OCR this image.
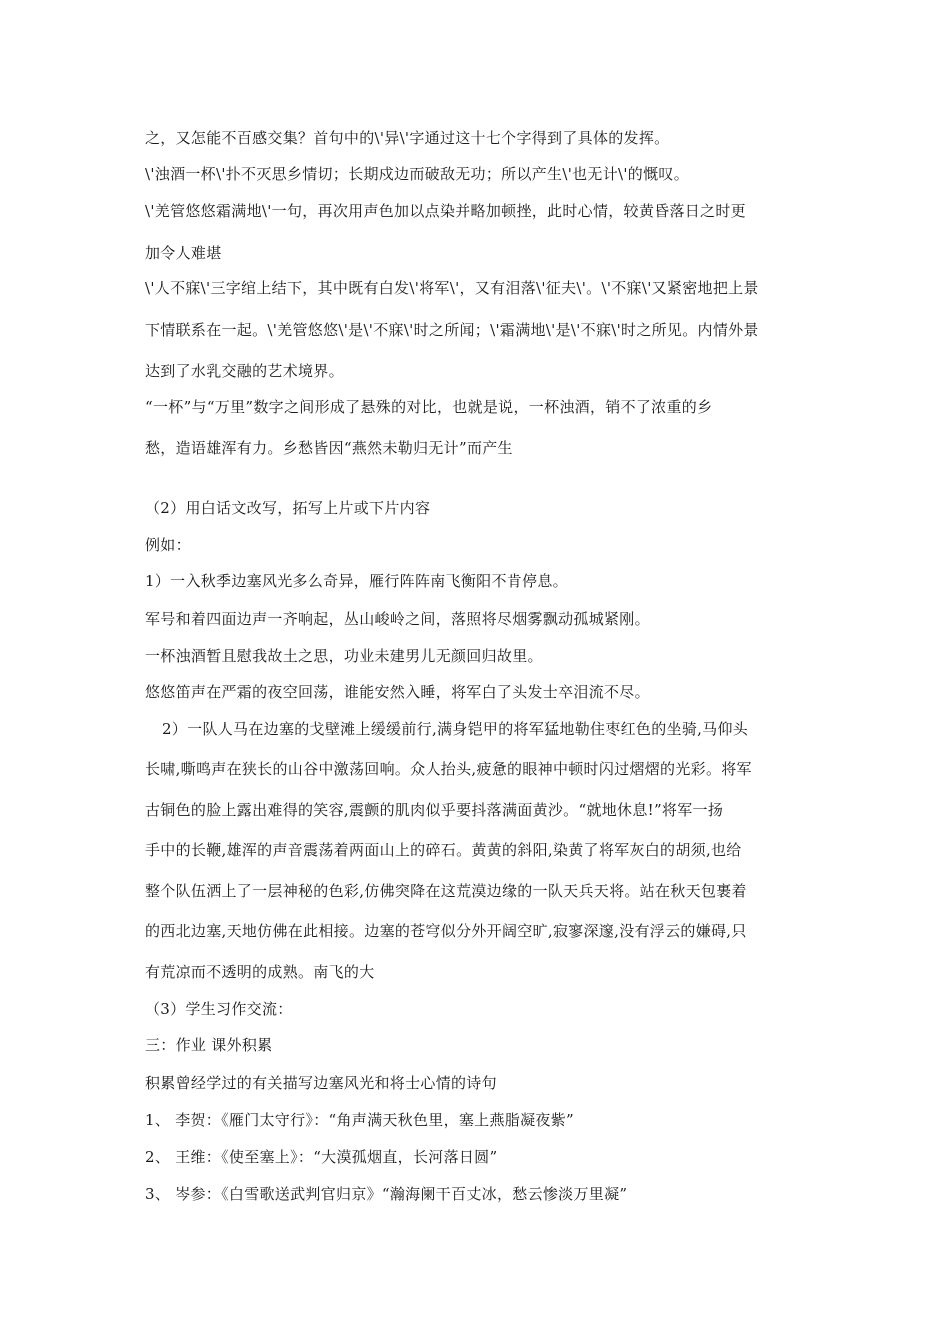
之，又怎能不百感交集？首句中的\'异\'字通过这十七个字得到了具体的发挥。
\'浊酒一杯\'扑不灭思乡情切；长期戍边而破敌无功；所以产生\'也无计\'的慨叹。
\'羌管悠悠霜满地\'一句，再次用声色加以点染并略加顿挫，此时心情，较黄昏落日之时更
加令人难堪
\'人不寐\'三字绾上结下，其中既有白发\'将军\'，又有泪落\'征夫\'。\'不寐\'又紧密地把上景
下情联系在一起。\'羌管悠悠\'是\'不寐\'时之所闻；\'霜满地\'是\'不寐\'时之所见。内情外景
达到了水乳交融的艺术境界。
“一杯”与“万里”数字之间形成了悬殊的对比，也就是说，一杯浊酒，销不了浓重的乡
愁，造语雄浑有力。乡愁皆因“燕然未勒归无计”而产生
（2）用白话文改写，拓写上片或下片内容
例如：
1）一入秋季边塞风光多么奇异，雁行阵阵南飞衡阳不肯停息。
军号和着四面边声一齐响起，丛山峻岭之间，落照将尽烟雾飘动孤城紧刚。
一杯浊酒暂且慰我故土之思，功业未建男儿无颜回归故里。
悠悠笛声在严霜的夜空回荡，谁能安然入睡，将军白了头发士卒泪流不尽。
2）一队人马在边塞的戈壁滩上缓缓前行,满身铠甲的将军猛地勒住枣红色的坐骑,马仰头
长啸,嘶鸣声在狭长的山谷中激荡回响。众人抬头,疲惫的眼神中顿时闪过熠熠的光彩。将军
古铜色的脸上露出难得的笑容,震颤的肌肉似乎要抖落满面黄沙。“就地休息!”将军一扬
手中的长鞭,雄浑的声音震荡着两面山上的碎石。黄黄的斜阳,染黄了将军灰白的胡须,也给
整个队伍洒上了一层神秘的色彩,仿佛突降在这荒漠边缘的一队天兵天将。站在秋天包裹着
的西北边塞,天地仿佛在此相接。边塞的苍穹似分外开阔空旷,寂寥深邃,没有浮云的嫌碍,只
有荒凉而不透明的成熟。南飞的大
（3）学生习作交流：
三：作业 课外积累
积累曾经学过的有关描写边塞风光和将士心情的诗句
1、 李贺：《雁门太守行》：“角声满天秋色里，塞上燕脂凝夜紫”
2、 王维：《使至塞上》：“大漠孤烟直，长河落日圆”
3、 岑参：《白雪歌送武判官归京》“瀚海阑干百丈冰，愁云惨淡万里凝”
